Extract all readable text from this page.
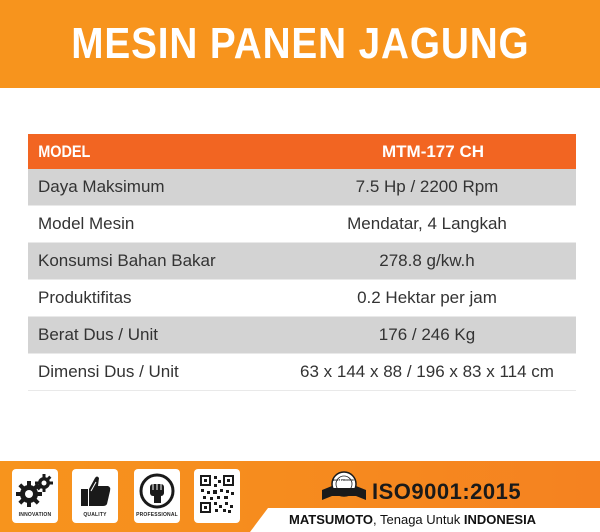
MESIN PANEN JAGUNG
MODEL	MTM-177 CH
Daya Maksimum	7.5 Hp / 2200 Rpm
Model Mesin	Mendatar, 4 Langkah
Konsumsi Bahan Bakar	278.8 g/kw.h
Produktifitas	0.2 Hektar per jam
Berat Dus / Unit	176 / 246 Kg
Dimensi Dus / Unit	63 x 144 x 88 / 196 x 83 x 114 cm
INNOVATION	QUALITY	PROFESSIONAL
BEST PRODUCT ISO9001:2015
MATSUMOTO, Tenaga Untuk INDONESIA
